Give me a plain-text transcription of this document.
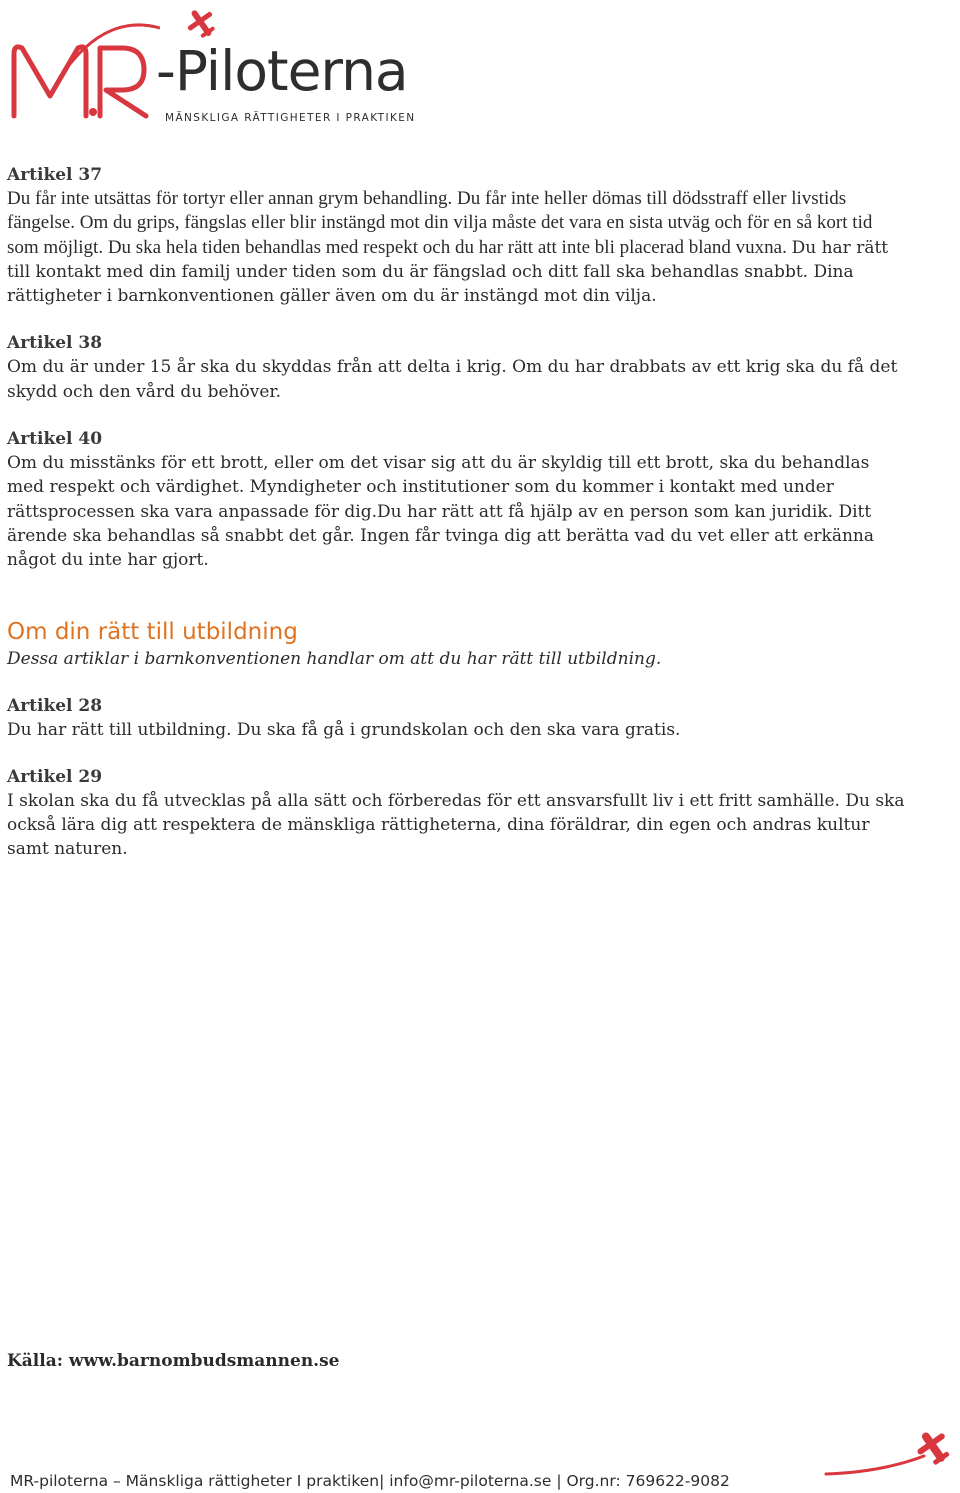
-Piloterna
MÄNSKLIGA RÄTTIGHETER I PRAKTIKEN
Artikel 37

Du får inte utsättas för tortyr eller annan grym behandling. Du får inte heller dömas till dödsstraff eller livstids fängelse. Om du grips, fängslas eller blir instängd mot din vilja måste det vara en sista utväg och för en så kort tid som möjligt. Du ska hela tiden behandlas med respekt och du har rätt att inte bli placerad bland vuxna. Du har rätt till kontakt med din familj under tiden som du är fängslad och ditt fall ska behandlas snabbt. Dina rättigheter i barnkonventionen gäller även om du är instängd mot din vilja.

Artikel 38

Om du är under 15 år ska du skyddas från att delta i krig. Om du har drabbats av ett krig ska du få det skydd och den vård du behöver.

Artikel 40

Om du misstänks för ett brott, eller om det visar sig att du är skyldig till ett brott, ska du behandlas med respekt och värdighet. Myndigheter och institutioner som du kommer i kontakt med under rättsprocessen ska vara anpassade för dig.Du har rätt att få hjälp av en person som kan juridik. Ditt ärende ska behandlas så snabbt det går. Ingen får tvinga dig att berätta vad du vet eller att erkänna något du inte har gjort.

Om din rätt till utbildning

Dessa artiklar i barnkonventionen handlar om att du har rätt till utbildning.

Artikel 28

Du har rätt till utbildning. Du ska få gå i grundskolan och den ska vara gratis.

Artikel 29

I skolan ska du få utvecklas på alla sätt och förberedas för ett ansvarsfullt liv i ett fritt samhälle. Du ska också lära dig att respektera de mänskliga rättigheterna, dina föräldrar, din egen och andras kultur samt naturen.

Källa: www.barnombudsmannen.se
MR-piloterna – Mänskliga rättigheter I praktiken| info@mr-piloterna.se | Org.nr: 769622-9082
